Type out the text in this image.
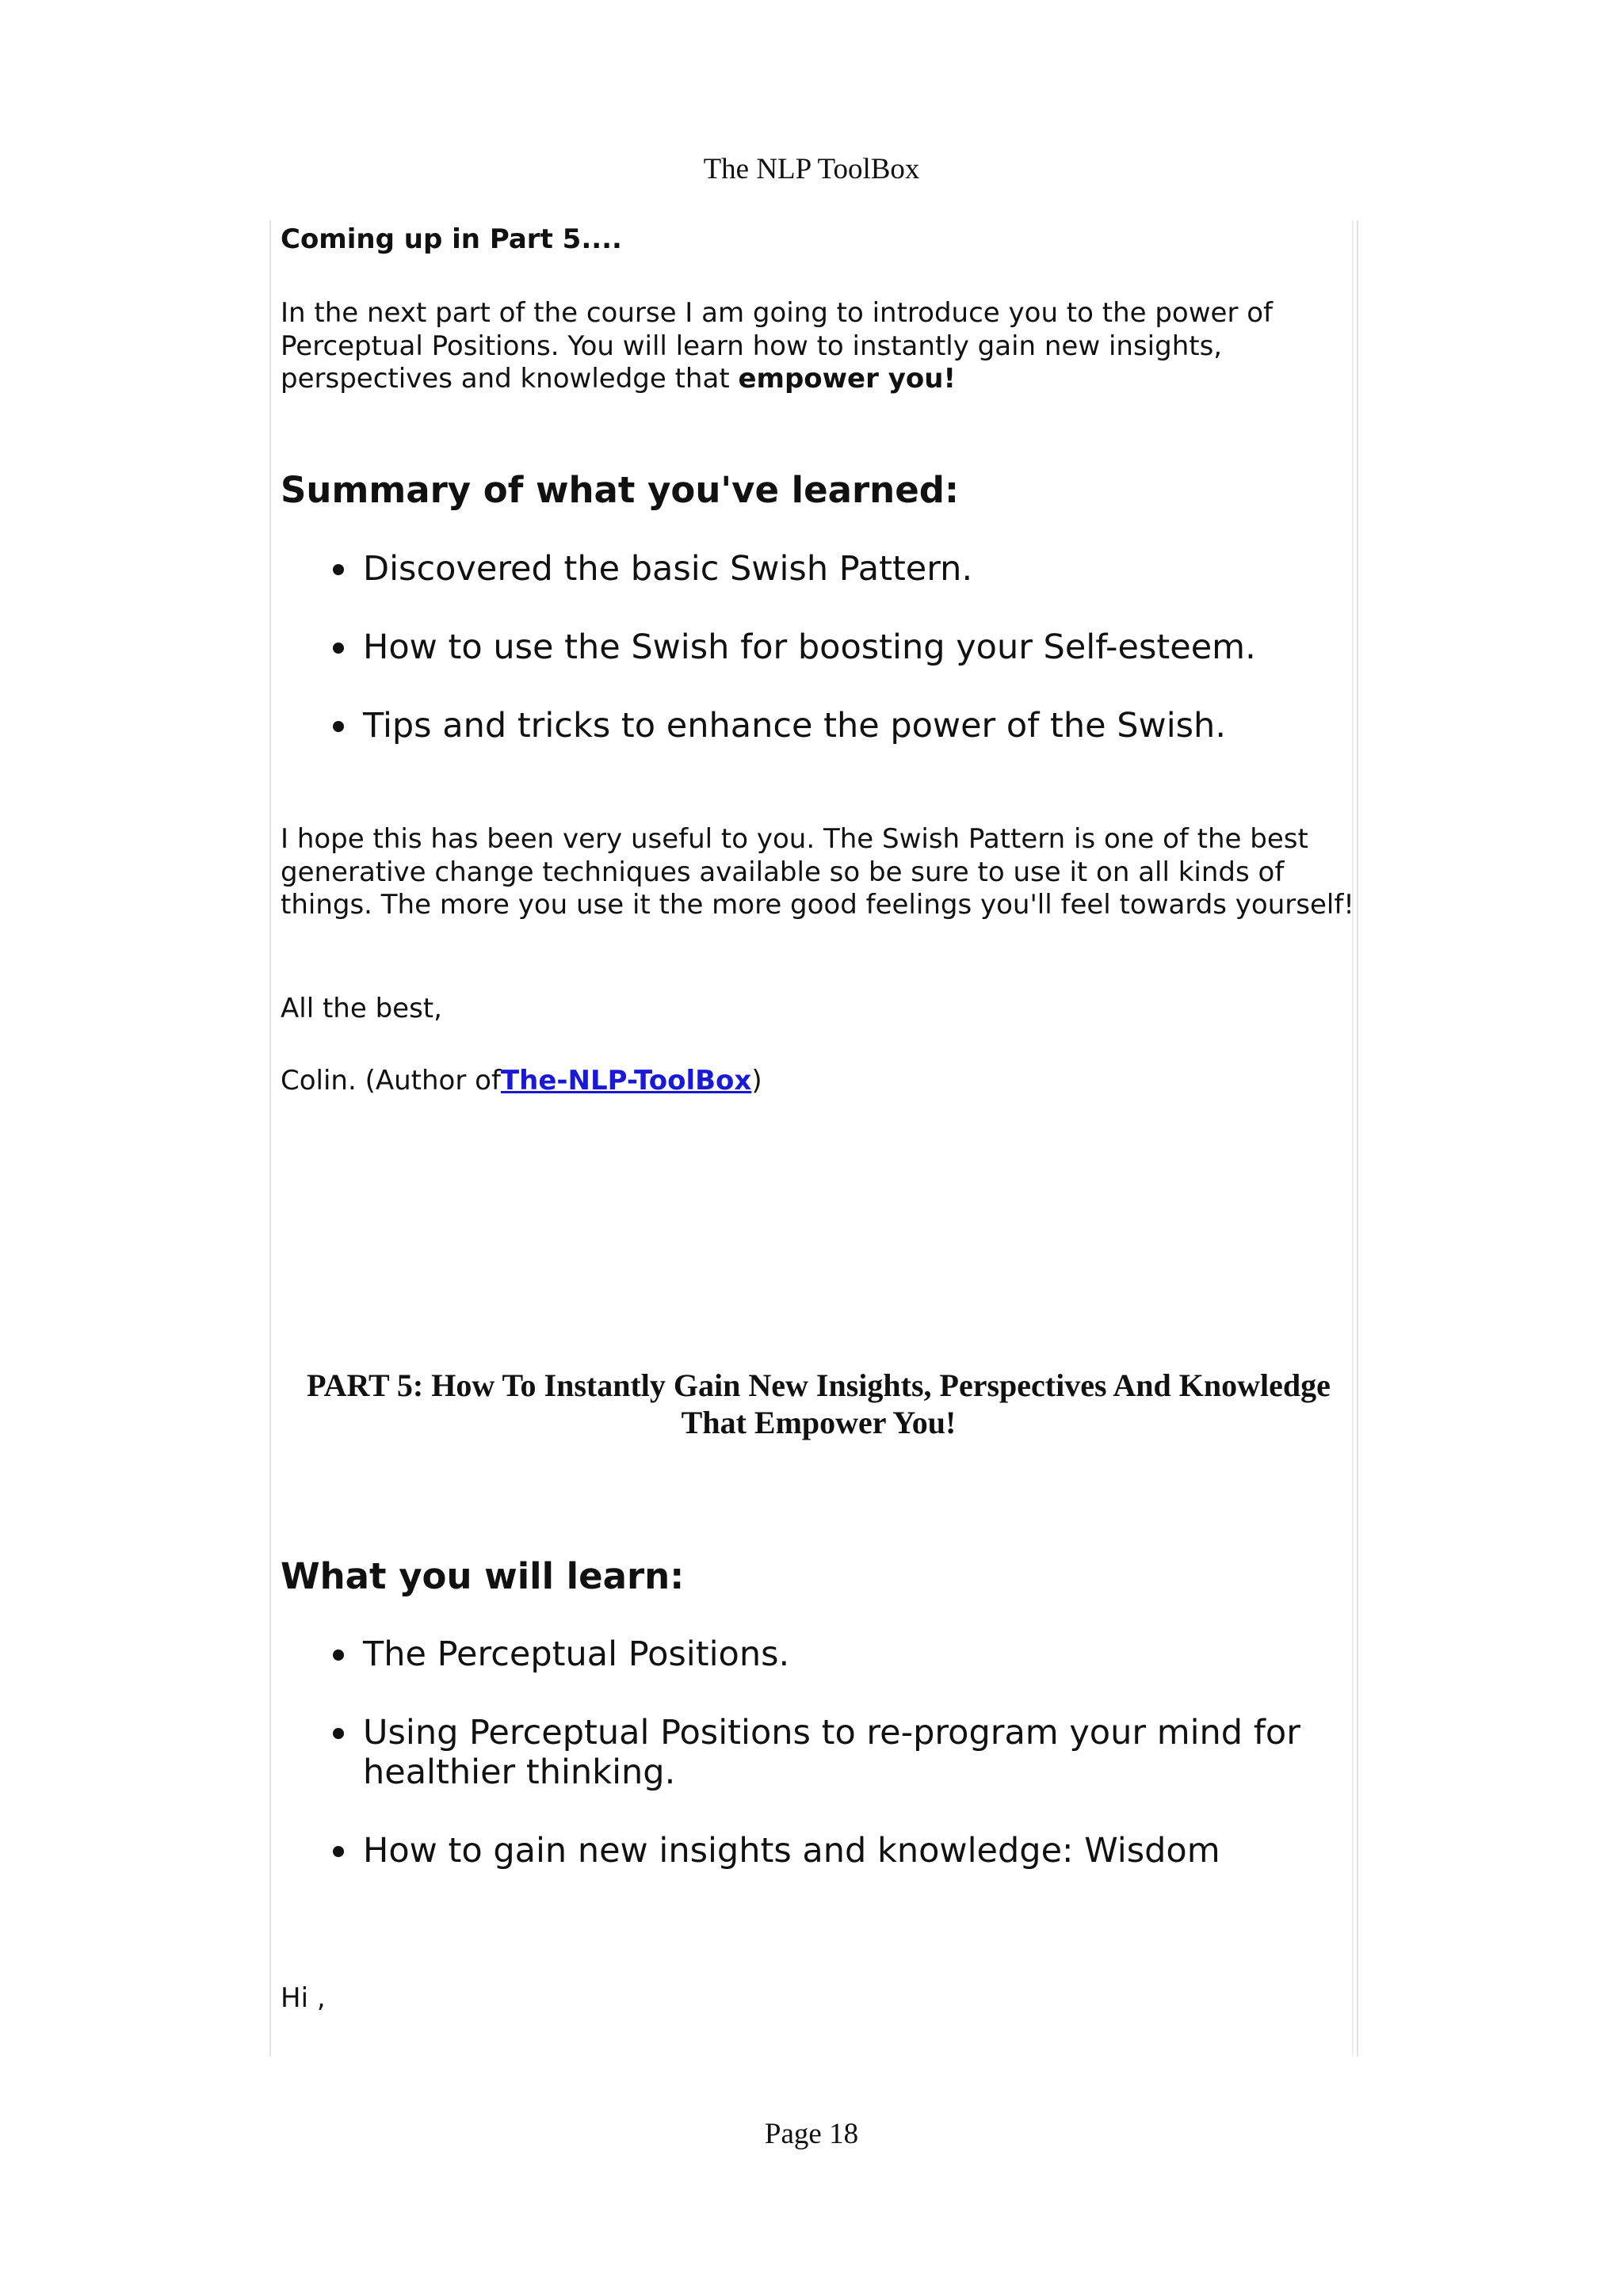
The NLP ToolBox

Coming up in Part 5....

In the next part of the course I am going to introduce you to the power of
Perceptual Positions. You will learn how to instantly gain new insights,
perspectives and knowledge that empower you!
Summary of what you've learned:
Discovered the basic Swish Pattern.
How to use the Swish for boosting your Self-esteem.
Tips and tricks to enhance the power of the Swish.
I hope this has been very useful to you. The Swish Pattern is one of the best
generative change techniques available so be sure to use it on all kinds of
things. The more you use it the more good feelings you'll feel towards yourself!

All the best,

Colin. (Author ofThe-NLP-ToolBox)

PART 5: How To Instantly Gain New Insights, Perspectives And Knowledge
That Empower You!
What you will learn:
The Perceptual Positions.
Using Perceptual Positions to re-program your mind for healthier thinking.
How to gain new insights and knowledge: Wisdom

Hi ,

Page 18
